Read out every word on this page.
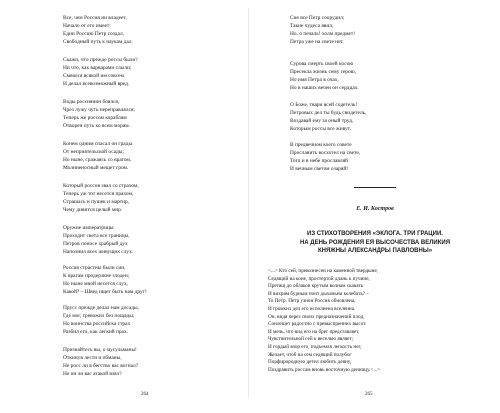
Все, чем Россия ни владеет,
Начало от его имеет:
Един Россию Петр создал,
Свободный путь к наукам дал.
Скажи, что прежде россы были?
Ни что, как варварами слыли;
Смеялся всякой им совсем
И делал всевозможный вред.
Воды россиянин боялся,
Чрез лужу чуть переправлялся;
Теперь же россом кораблям
Отворен путь ко всем морям.
Конем одним спасал он грады
От неприятельской осады;
Но ныне, сражаясь со врагом,
Молниеносный мещет гром.
Который россов звал со страхом,
Теперь уж тот несется прахом,
Страшась и пушек и мартир,
Чему дивится целый мир.
Оружие императрицы
Проходит света все границы,
Петров поносе храбрый дух
Наполнил всех живущих слух.
Россия страстны были сии,
К врагам продерзкие злодеи;
Но ныне мной несется слух,
Какой? – Швед ищет быть нам друг!
Прусс прежде делал нам досады,
Где мог, тревожил без пощады;
Но воинства российска страх
Разбил его, как легкий прах.
Признайтесь вы, о мусульманы!
Откинув лести и обманы,
Не росс ли в бегство вас вогнал?
Не он ли вас атакой взял?
264
Сие все Петр соорудил;
Такие чудеса явил,
Но, о печаль! холм предмет!
Петра уже на свете нет.
Сурова смерть своей косою
Пресекла жизнь сему герою,
Но имя Петра в очах,
Но в наших вечен он сердцах.
О Боже, твари всей содетель!
Петровых дел ты будь свидетель,
Воздавай ему за оный труд,
Которым россы все живут.
В предвечном коего совете
Прославить восхотел на свете,
Того и в небе прославляй
И вечным светом озаряй!
Е. И. Костров
ИЗ СТИХОТВОРЕНИЯ «ЭКЛОГА. ТРИ ГРАЦИИ.
НА ДЕНЬ РОЖДЕНИЯ ЕЯ ВЫСОЧЕСТВА ВЕЛИКИЯ
КНЯЖНЫ АЛЕКСАНДРЫ ПАВЛОВНЫ»
<...> Кто сей, превознесен на каменной твердыне,
Седящий на коне, простертой длань к пучине,
Претящ до облаков крутым волнам скакать
И вихрям бурным понт дыханьем колебать? –
То Петр. Петр узнон Россия обновлена,
И громких дел его исполнена вселенна.
Он, видя через своих предназначений плод,
Сонлещет радостно с превыспренних высот.
И мечь, что вид его на брег представляет,
Чувствительной сей к веселью являет;
И гордый взор его, подъемля легкость нег,
Желает, чтоб на сем седящий полубог
Порфирородную детел любить деяну,
Поздравить россам вновь восточную денницу.<...>
265
